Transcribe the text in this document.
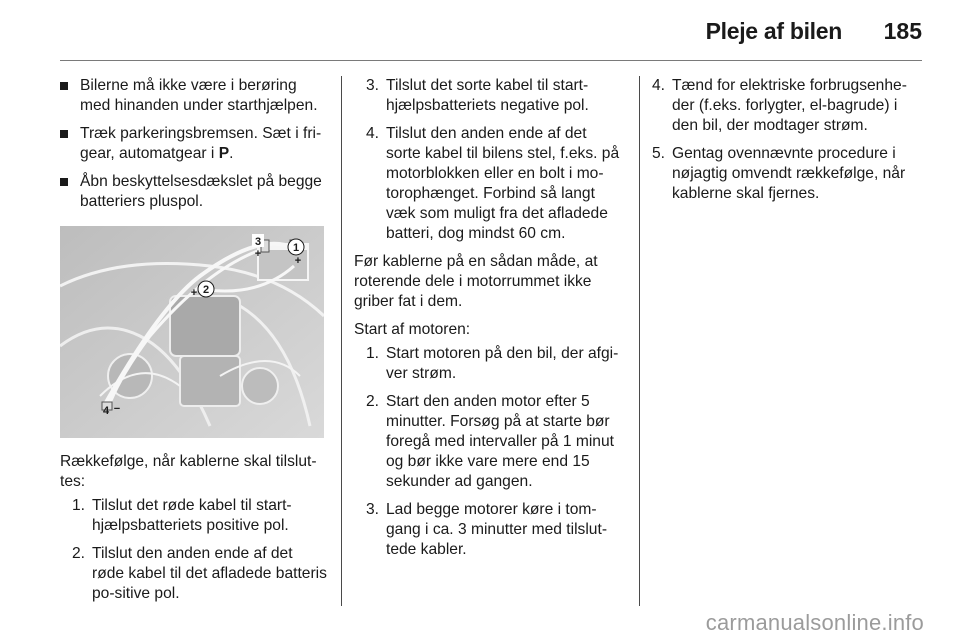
Pleje af bilen 185
Bilerne må ikke være i berøring med hinanden under starthjælpen.
Træk parkeringsbremsen. Sæt i fri-gear, automatgear i P.
Åbn beskyttelsesdækslet på begge batteriers pluspol.
3
+	1
+
2
+
4 −
Rækkefølge, når kablerne skal tilslut-tes:
1. Tilslut det røde kabel til start-hjælpsbatteriets positive pol.
2. Tilslut den anden ende af det røde kabel til det afladede batteris po-sitive pol.
3. Tilslut det sorte kabel til start-hjælpsbatteriets negative pol.
4. Tilslut den anden ende af det sorte kabel til bilens stel, f.eks. på motorblokken eller en bolt i mo-torophænget. Forbind så langt væk som muligt fra det afladede batteri, dog mindst 60 cm.
Før kablerne på en sådan måde, at roterende dele i motorrummet ikke griber fat i dem.
Start af motoren:
1. Start motoren på den bil, der afgi-ver strøm.
2. Start den anden motor efter 5 minutter. Forsøg på at starte bør foregå med intervaller på 1 minut og bør ikke vare mere end 15 sekunder ad gangen.
3. Lad begge motorer køre i tom-gang i ca. 3 minutter med tilslut-tede kabler.
4. Tænd for elektriske forbrugsenhe-der (f.eks. forlygter, el-bagrude) i den bil, der modtager strøm.
5. Gentag ovennævnte procedure i nøjagtig omvendt rækkefølge, når kablerne skal fjernes.
carmanualsonline.info
